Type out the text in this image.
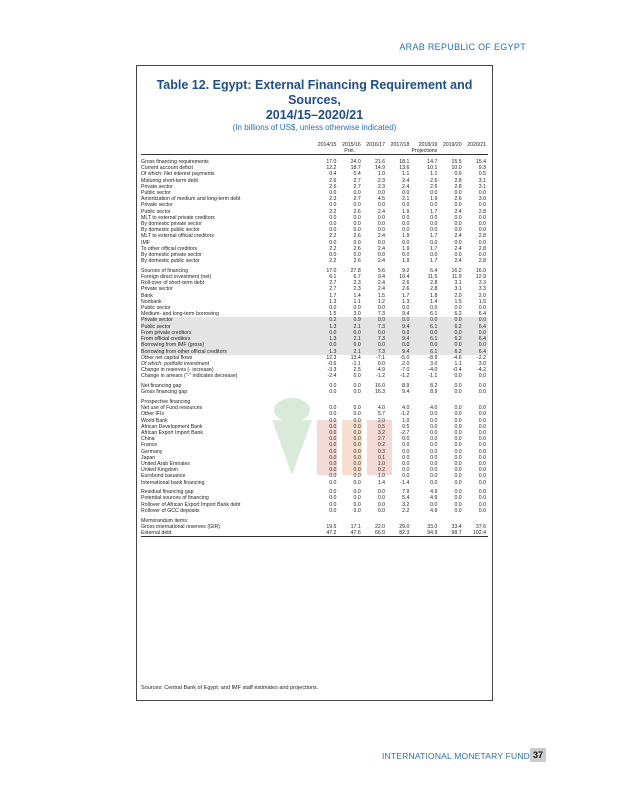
ARAB REPUBLIC OF EGYPT
Table 12. Egypt: External Financing Requirement and Sources,
2014/15–2020/21
(In billions of US$, unless otherwise indicated)
	2014/15	2015/16	2016/17	2017/18	2018/19	2019/20	2020/21
		Prel.			Projections		

Gross financing requirements	17.0	24.0	21.6	18.1	14.7	15.5	15.4
Current account deficit	12.2	18.7	14.9	13.6	10.1	10.0	9.3
Of which: Net interest payments	0.4	0.4	1.0	1.1	1.1	0.6	0.5
Maturing short-term debt	2.6	2.7	2.3	2.4	2.6	2.8	3.1
Private sector	2.6	2.7	2.3	2.4	2.6	2.8	3.1
Public sector	0.0	0.0	0.0	0.0	0.0	0.0	0.0
Amortization of medium and long-term debt	2.3	2.7	4.5	2.1	1.9	2.6	3.0
Private sector	0.0	0.0	0.0	0.0	0.0	0.0	0.0
Public sector	2.2	2.6	2.4	1.9	1.7	2.4	2.8
MLT to external private creditors	0.0	0.0	0.0	0.0	0.0	0.0	0.0
By domestic private sector	0.0	0.0	0.0	0.0	0.0	0.0	0.0
By domestic public sector	0.0	0.0	0.0	0.0	0.0	0.0	0.0
MLT to external official creditors	2.2	2.6	2.4	1.9	1.7	2.4	2.8
IMF	0.0	0.0	0.0	0.0	0.0	0.0	0.0
To other official creditors	2.2	2.6	2.4	1.9	1.7	2.4	2.8
By domestic private sector	0.0	0.0	0.0	0.0	0.0	0.0	0.0
By domestic public sector	2.2	2.6	2.4	1.9	1.7	2.4	2.8

Sources of financing	17.0	27.8	5.6	9.2	6.4	16.2	16.0
Foreign direct investment (net)	6.1	6.7	9.4	10.4	11.5	11.9	12.9
Roll-over of short-term debt	2.7	2.3	2.4	2.6	2.8	3.1	3.3
Private sector	2.7	2.3	2.4	2.6	2.8	3.1	3.3
Bank	1.7	1.4	1.5	1.7	1.8	2.0	2.0
Nonbank	1.3	1.1	1.2	1.3	1.4	1.5	1.5
Public sector	0.0	0.0	0.0	0.0	0.0	0.0	0.0
Medium- and long-term borrowing	1.5	3.0	7.3	9.4	6.1	6.2	6.4
Private sector	0.2	0.9	0.0	0.0	0.0	0.0	0.0
Public sector	1.3	2.1	7.3	9.4	6.1	6.2	6.4
From private creditors	0.0	0.0	0.0	0.0	0.0	0.0	0.0
From official creditors	1.3	2.1	7.3	9.4	6.1	6.2	6.4
Borrowing from IMF (gross)	0.0	0.0	0.0	0.0	0.0	0.0	0.0
Borrowing from other official creditors	1.3	2.1	7.3	9.4	6.1	6.2	6.4
Other net capital flows	12.3	13.4	-7.1	-5.0	-8.9	-4.6	-2.2
Of which: portfolio investment	-0.6	-1.1	0.0	2.0	3.0	1.1	3.0
Change in reserves (- increase)	-3.3	2.5	-4.9	-7.0	-4.0	-0.4	-4.2
Change in arrears ("-" indicates decrease)	-2.4	0.0	-1.2	-1.2	-1.1	0.0	0.0

Net financing gap	0.0	0.0	16.0	8.9	8.2	0.0	0.0
Gross financing gap	0.0	0.0	16.3	9.4	8.9	0.0	0.0

Prospective financing							
Net use of Fund resources	0.0	0.0	4.0	4.0	4.0	0.0	0.0
Other IFIs	0.0	0.0	5.7	-1.2	0.0	0.0	0.0
World Bank	0.0	0.0	2.0	1.0	0.0	0.0	0.0
African Development Bank	0.0	0.0	0.5	0.5	0.0	0.0	0.0
African Export Import Bank	0.0	0.0	3.2	-2.7	0.0	0.0	0.0
China	0.0	0.0	2.7	0.0	0.0	0.0	0.0
France	0.0	0.0	0.2	0.0	0.0	0.0	0.0
Germany	0.0	0.0	0.3	0.0	0.0	0.0	0.0
Japan	0.0	0.0	0.1	0.0	0.0	0.0	0.0
United Arab Emirates	0.0	0.0	1.0	0.0	0.0	0.0	0.0
United Kingdom	0.0	0.0	0.2	0.0	0.0	0.0	0.0
Eurobond issuance	0.0	0.0	1.0	0.0	0.0	0.0	0.0
International bank financing	0.0	0.0	1.4	-1.4	0.0	0.0	0.0

Residual financing gap	0.0	0.0	0.0	7.9	4.9	0.0	0.0
Potential sources of financing	0.0	0.0	0.0	5.4	4.9	0.0	0.0
Rollover of African Export Import Bank debt	0.0	0.0	0.0	3.2	0.0	0.0	0.0
Rollover of GCC deposits	0.0	0.0	0.0	2.2	4.9	0.0	0.0

Memorandum items:							
Gross international reserves (GIR)	19.5	17.1	22.0	29.0	33.0	33.4	37.6
External debt	47.2	47.6	66.0	82.3	94.9	98.7	102.4
Sources: Central Bank of Egypt; and IMF staff estimates and projections.
INTERNATIONAL MONETARY FUND 37
